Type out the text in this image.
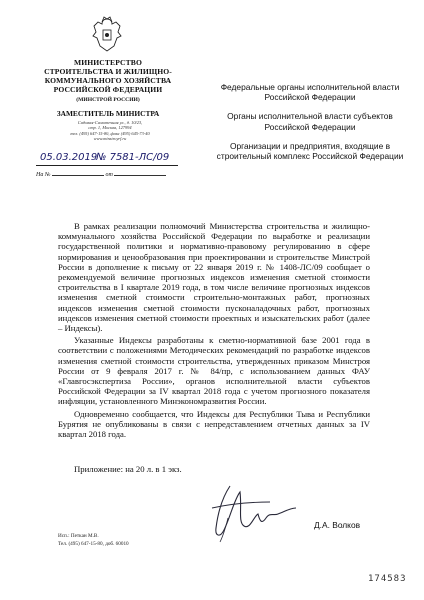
МИНИСТЕРСТВО СТРОИТЕЛЬСТВА И ЖИЛИЩНО-КОММУНАЛЬНОГО ХОЗЯЙСТВА РОССИЙСКОЙ ФЕДЕРАЦИИ
(МИНСТРОЙ РОССИИ)
ЗАМЕСТИТЕЛЬ МИНИСТРА
Садовая-Самотечная ул., д. 10/23,
стр. 1, Москва, 127994
тел. (495) 647-15-80, факс (495) 645-73-40
www.minstroyrf.ru
05.03.2019
№ 7581-ЛС/09
На №	от

Федеральные органы исполнительной власти Российской Федерации

Органы исполнительной власти субъектов Российской Федерации

Организации и предприятия, входящие в строительный комплекс Российской Федерации

В рамках реализации полномочий Министерства строительства и жилищно-коммунального хозяйства Российской Федерации по выработке и реализации государственной политики и нормативно-правовому регулированию в сфере нормирования и ценообразования при проектировании и строительстве Минстрой России в дополнение к письму от 22 января 2019 г. № 1408-ЛС/09 сообщает о рекомендуемой величине прогнозных индексов изменения сметной стоимости строительства в I квартале 2019 года, в том числе величине прогнозных индексов изменения сметной стоимости строительно-монтажных работ, прогнозных индексов изменения сметной стоимости пусконаладочных работ, прогнозных индексов изменения сметной стоимости проектных и изыскательских работ (далее – Индексы).

Указанные Индексы разработаны к сметно-нормативной базе 2001 года в соответствии с положениями Методических рекомендаций по разработке индексов изменения сметной стоимости строительства, утвержденных приказом Минстроя России от 9 февраля 2017 г. № 84/пр, с использованием данных ФАУ «Главгосэкспертиза России», органов исполнительной власти субъектов Российской Федерации за IV квартал 2018 года с учетом прогнозного показателя инфляции, установленного Минэкономразвития России.

Одновременно сообщается, что Индексы для Республики Тыва и Республики Бурятия не опубликованы в связи с непредставлением отчетных данных за IV квартал 2018 года.

Приложение: на 20 л. в 1 экз.
Д.А. Волков
Исп.: Петкан М.В.
Тел. (495) 647-15-80, доб. 60010
174583
